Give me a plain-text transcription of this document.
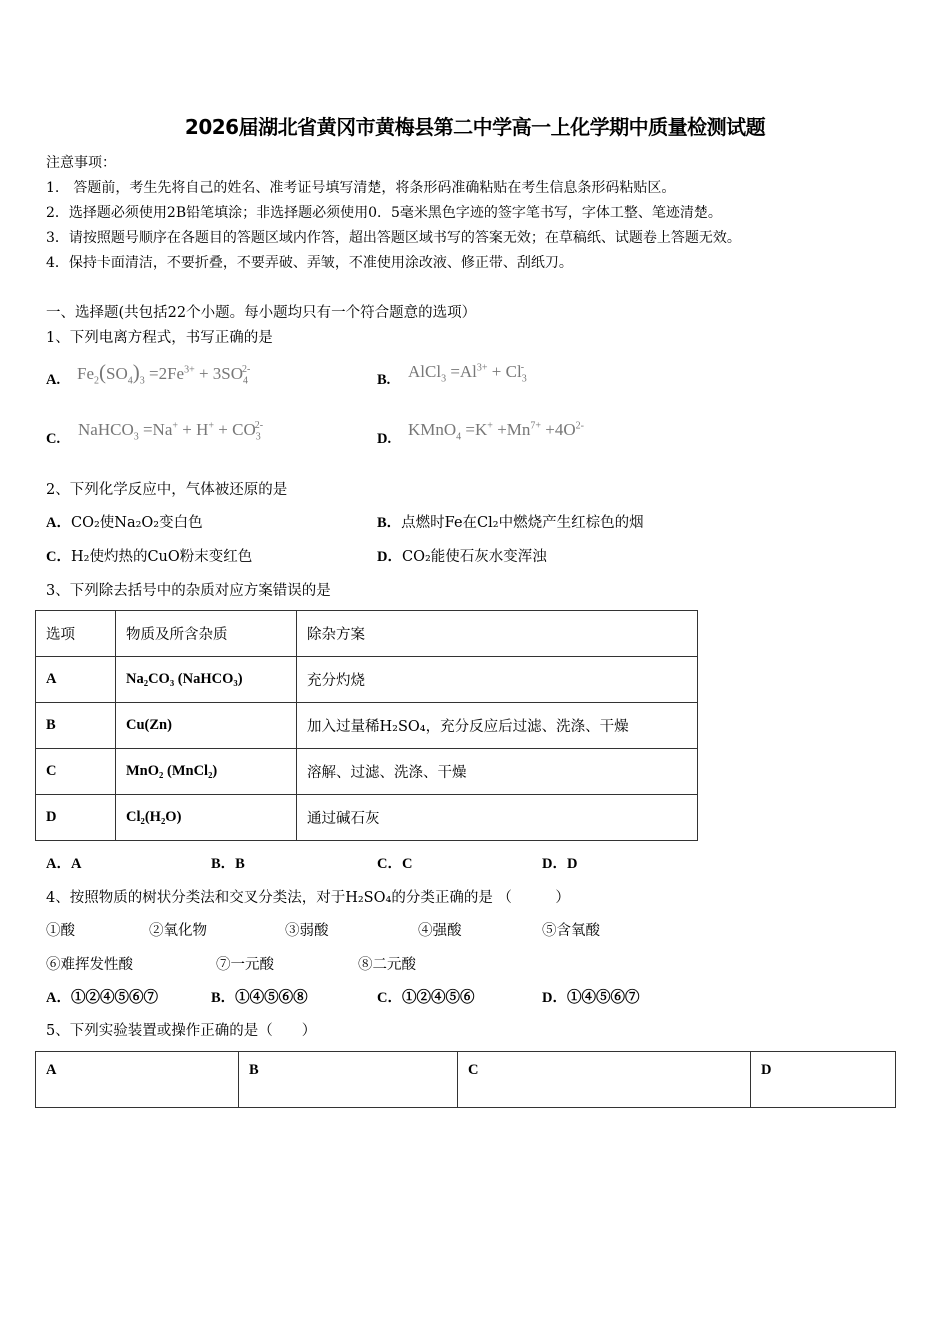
2026届湖北省黄冈市黄梅县第二中学高一上化学期中质量检测试题
注意事项：
1.　答题前，考生先将自己的姓名、准考证号填写清楚，将条形码准确粘贴在考生信息条形码粘贴区。
2．选择题必须使用2B铅笔填涂；非选择题必须使用0．5毫米黑色字迹的签字笔书写，字体工整、笔迹清楚。
3．请按照题号顺序在各题目的答题区域内作答，超出答题区域书写的答案无效；在草稿纸、试题卷上答题无效。
4．保持卡面清洁，不要折叠，不要弄破、弄皱，不准使用涂改液、修正带、刮纸刀。
一、选择题(共包括22个小题。每小题均只有一个符合题意的选项）
1、下列电离方程式，书写正确的是
A. $Fe_2(SO_4)_3 =2Fe^{3+} + 3SO_4^{2-}$
B. AlCl$_3$ $=Al^{3+} + Cl_3^-$
C. NaHCO$_3$ $=Na^+ + H^+ + CO_3^{2-}$
D. KMnO$_4$ $=K^+ +Mn^{7+} +4O^{2-}$
2、下列化学反应中，气体被还原的是
A．CO₂使Na₂O₂变白色	B．点燃时Fe在Cl₂中燃烧产生红棕色的烟
C．H₂使灼热的CuO粉末变红色	D．CO₂能使石灰水变浑浊
3、下列除去括号中的杂质对应方案错误的是
选项	物质及所含杂质	除杂方案
A	Na₂CO₃ (NaHCO₃)	充分灼烧
B	Cu(Zn)	加入过量稀H₂SO₄，充分反应后过滤、洗涤、干燥
C	MnO₂ (MnCl₂)	溶解、过滤、洗涤、干燥
D	Cl₂(H₂O)	通过碱石灰
A．A	B．B	C．C	D．D
4、按照物质的树状分类法和交叉分类法，对于H₂SO₄的分类正确的是 （　　　）
①酸	②氧化物	③弱酸	④强酸	⑤含氧酸
⑥难挥发性酸	⑦一元酸	⑧二元酸
A．①②④⑤⑥⑦	B．①④⑤⑥⑧	C．①②④⑤⑥	D．①④⑤⑥⑦
5、下列实验装置或操作正确的是（　　）
A	B	C	D
